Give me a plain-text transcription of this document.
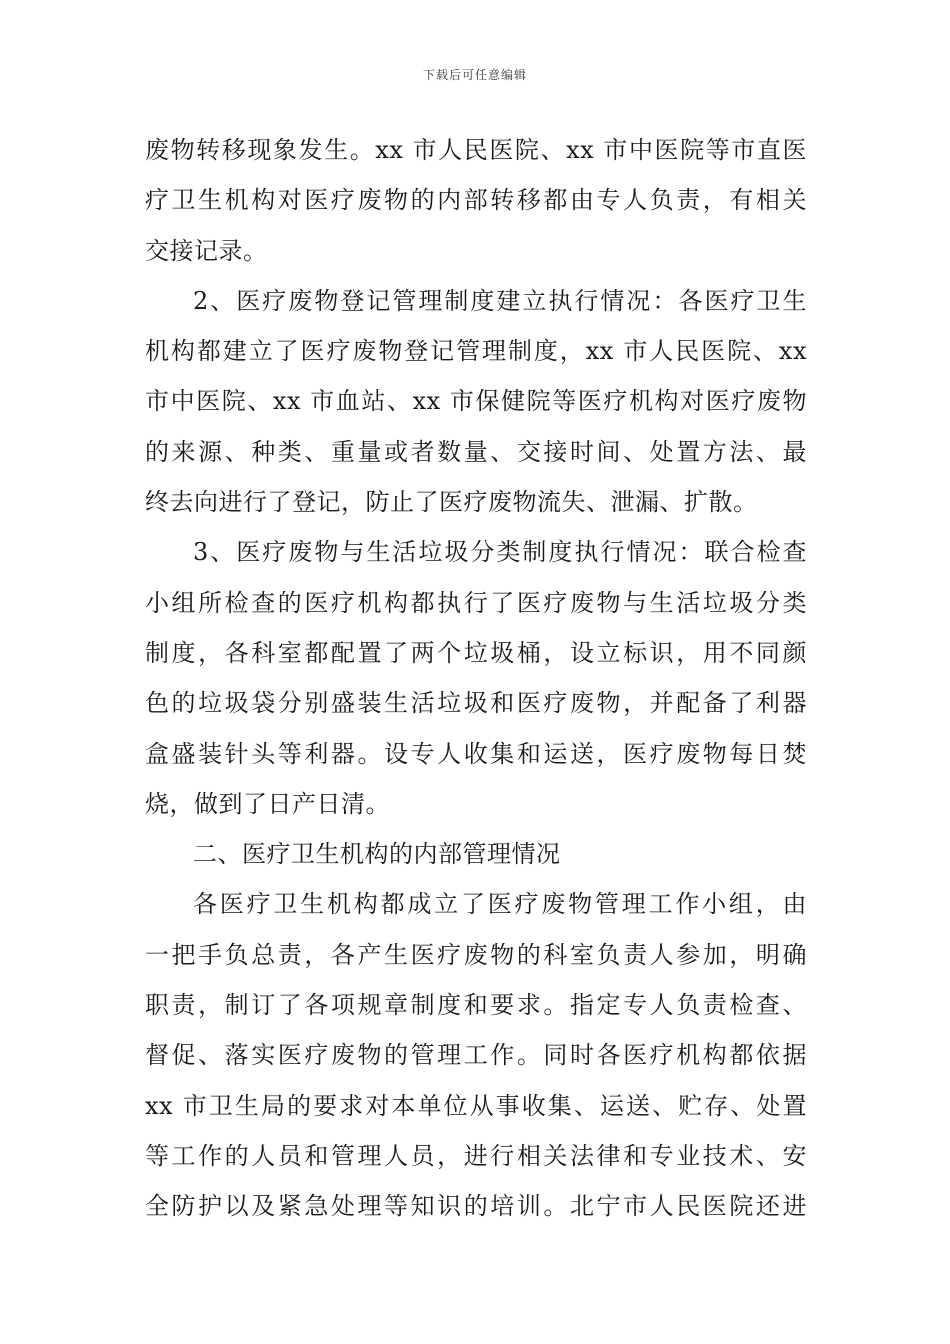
下载后可任意编辑
废物转移现象发生。xx 市人民医院、xx 市中医院等市直医
疗卫生机构对医疗废物的内部转移都由专人负责，有相关
交接记录。
2、医疗废物登记管理制度建立执行情况：各医疗卫生
机构都建立了医疗废物登记管理制度，xx 市人民医院、xx
市中医院、xx 市血站、xx 市保健院等医疗机构对医疗废物
的来源、种类、重量或者数量、交接时间、处置方法、最
终去向进行了登记，防止了医疗废物流失、泄漏、扩散。
3、医疗废物与生活垃圾分类制度执行情况：联合检查
小组所检查的医疗机构都执行了医疗废物与生活垃圾分类
制度，各科室都配置了两个垃圾桶，设立标识，用不同颜
色的垃圾袋分别盛装生活垃圾和医疗废物，并配备了利器
盒盛装针头等利器。设专人收集和运送，医疗废物每日焚
烧，做到了日产日清。
二、医疗卫生机构的内部管理情况
各医疗卫生机构都成立了医疗废物管理工作小组，由
一把手负总责，各产生医疗废物的科室负责人参加，明确
职责，制订了各项规章制度和要求。指定专人负责检查、
督促、落实医疗废物的管理工作。同时各医疗机构都依据
xx 市卫生局的要求对本单位从事收集、运送、贮存、处置
等工作的人员和管理人员，进行相关法律和专业技术、安
全防护以及紧急处理等知识的培训。北宁市人民医院还进
